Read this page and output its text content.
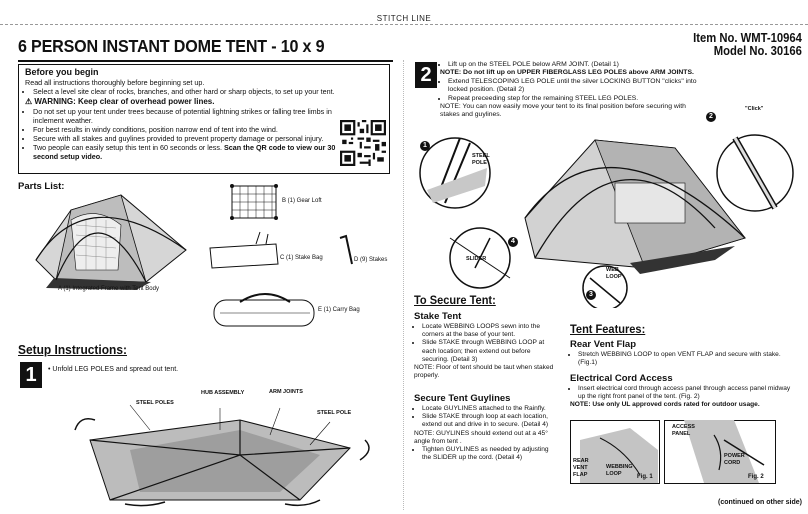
STITCH LINE
6 PERSON INSTANT DOME TENT - 10 x 9	Item No. WMT-10964
Model No. 30166
Before you begin
Read all instructions thoroughly before beginning set up.
• Select a level site clear of rocks, branches, and other hard or sharp objects, to set up your tent.
⚠ WARNING: Keep clear of overhead power lines.
• Do not set up your tent under trees because of potential lightning strikes or falling tree limbs in inclement weather.
• For best results in windy conditions, position narrow end of tent into the wind.
• Secure with all stakes and guylines provided to prevent property damage or personal injury.
• Two people can easily setup this tent in 60 seconds or less. Scan the QR code to view our 30 second setup video.
Parts List:
A (1) Integrated Frame with Tent Body
B (1) Gear Loft
C (1) Stake Bag	D (9) Stakes
E (1) Carry Bag
Setup Instructions:
1	• Unfold LEG POLES and spread out tent.
STEEL POLES
HUB ASSEMBLY	ARM JOINTS
STEEL POLE
2
•	Lift up on the STEEL POLE below ARM JOINT. (Detail 1)

NOTE: Do not lift up on UPPER FIBERGLASS LEG POLES above ARM JOINTS.

• Extend TELESCOPING LEG POLE until the silver LOCKING BUTTON "clicks" into locked position. (Detail 2)
• Repeat preceeding step for the remaining STEEL LEG POLES.

NOTE: You can now easily move your tent to its final position before securing with stakes and guylines.

1
2
3
4
STEEL POLE
"Click"
SLIDER
WEB LOOP
To Secure Tent:
Stake Tent
• Locate WEBBING LOOPS sewn into the corners at the base of your tent.
• Slide STAKE through WEBBING LOOP at each location; then extend out before securing. (Detail 3)

NOTE: Floor of tent should be taut when staked properly.

Secure Tent Guylines
• Locate GUYLINES attached to the Rainfly.
• Slide STAKE through loop at each location, extend out and drive in to secure. (Detail 4)

NOTE: GUYLINES should extend out at a 45° angle from tent .

• Tighten GUYLINES as needed by adjusting the SLIDER up the cord. (Detail 4)
Tent Features:
Rear Vent Flap
• Stretch WEBBING LOOP to open VENT FLAP and secure with stake. (Fig.1)
Electrical Cord Access
• Insert electrical cord through access panel through access panel midway up the right front panel of the tent. (Fig. 2)

NOTE: Use only UL approved cords rated for outdoor usage.

REAR VENT FLAP
WEBBING LOOP	Fig. 1
ACCESS PANEL
POWER CORD
Fig. 2
(continued on other side)
